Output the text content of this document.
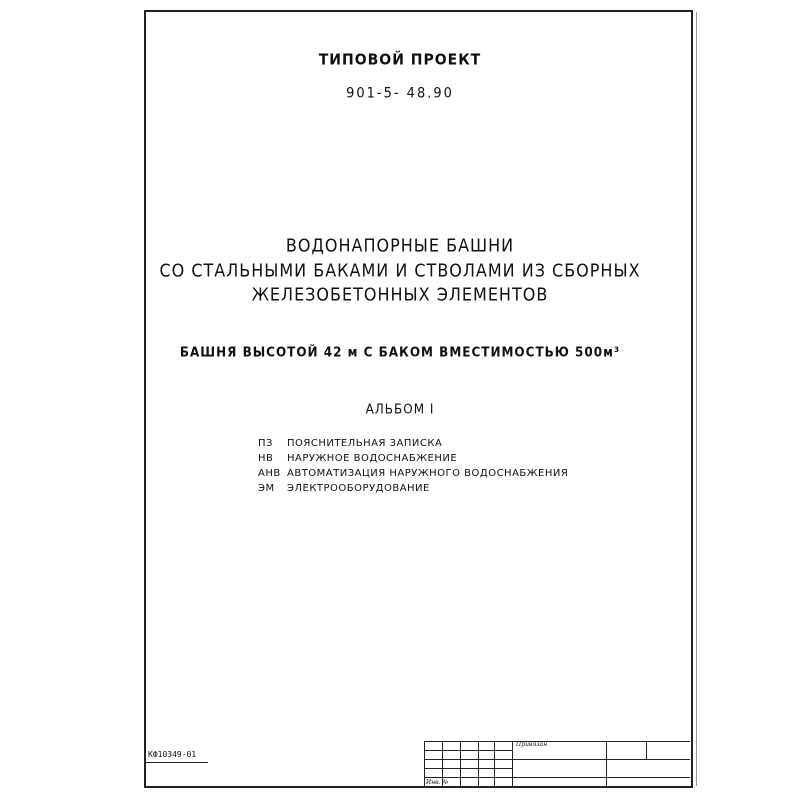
ТИПОВОЙ ПРОЕКТ
901-5- 48.90
ВОДОНАПОРНЫЕ БАШНИ
СО СТАЛЬНЫМИ БАКАМИ И СТВОЛАМИ ИЗ СБОРНЫХ
ЖЕЛЕЗОБЕТОННЫХ ЭЛЕМЕНТОВ
БАШНЯ ВЫСОТОЙ 42 м С БАКОМ ВМЕСТИМОСТЬЮ 500м³
АЛЬБОМ I
ПЗ ПОЯСНИТЕЛЬНАЯ ЗАПИСКА
НВ НАРУЖНОЕ ВОДОСНАБЖЕНИЕ
АНВ АВТОМАТИЗАЦИЯ НАРУЖНОГО ВОДОСНАБЖЕНИЯ
ЭМ ЭЛЕКТРООБОРУДОВАНИЕ
КФ10349-01
Привязан
Инв. №
